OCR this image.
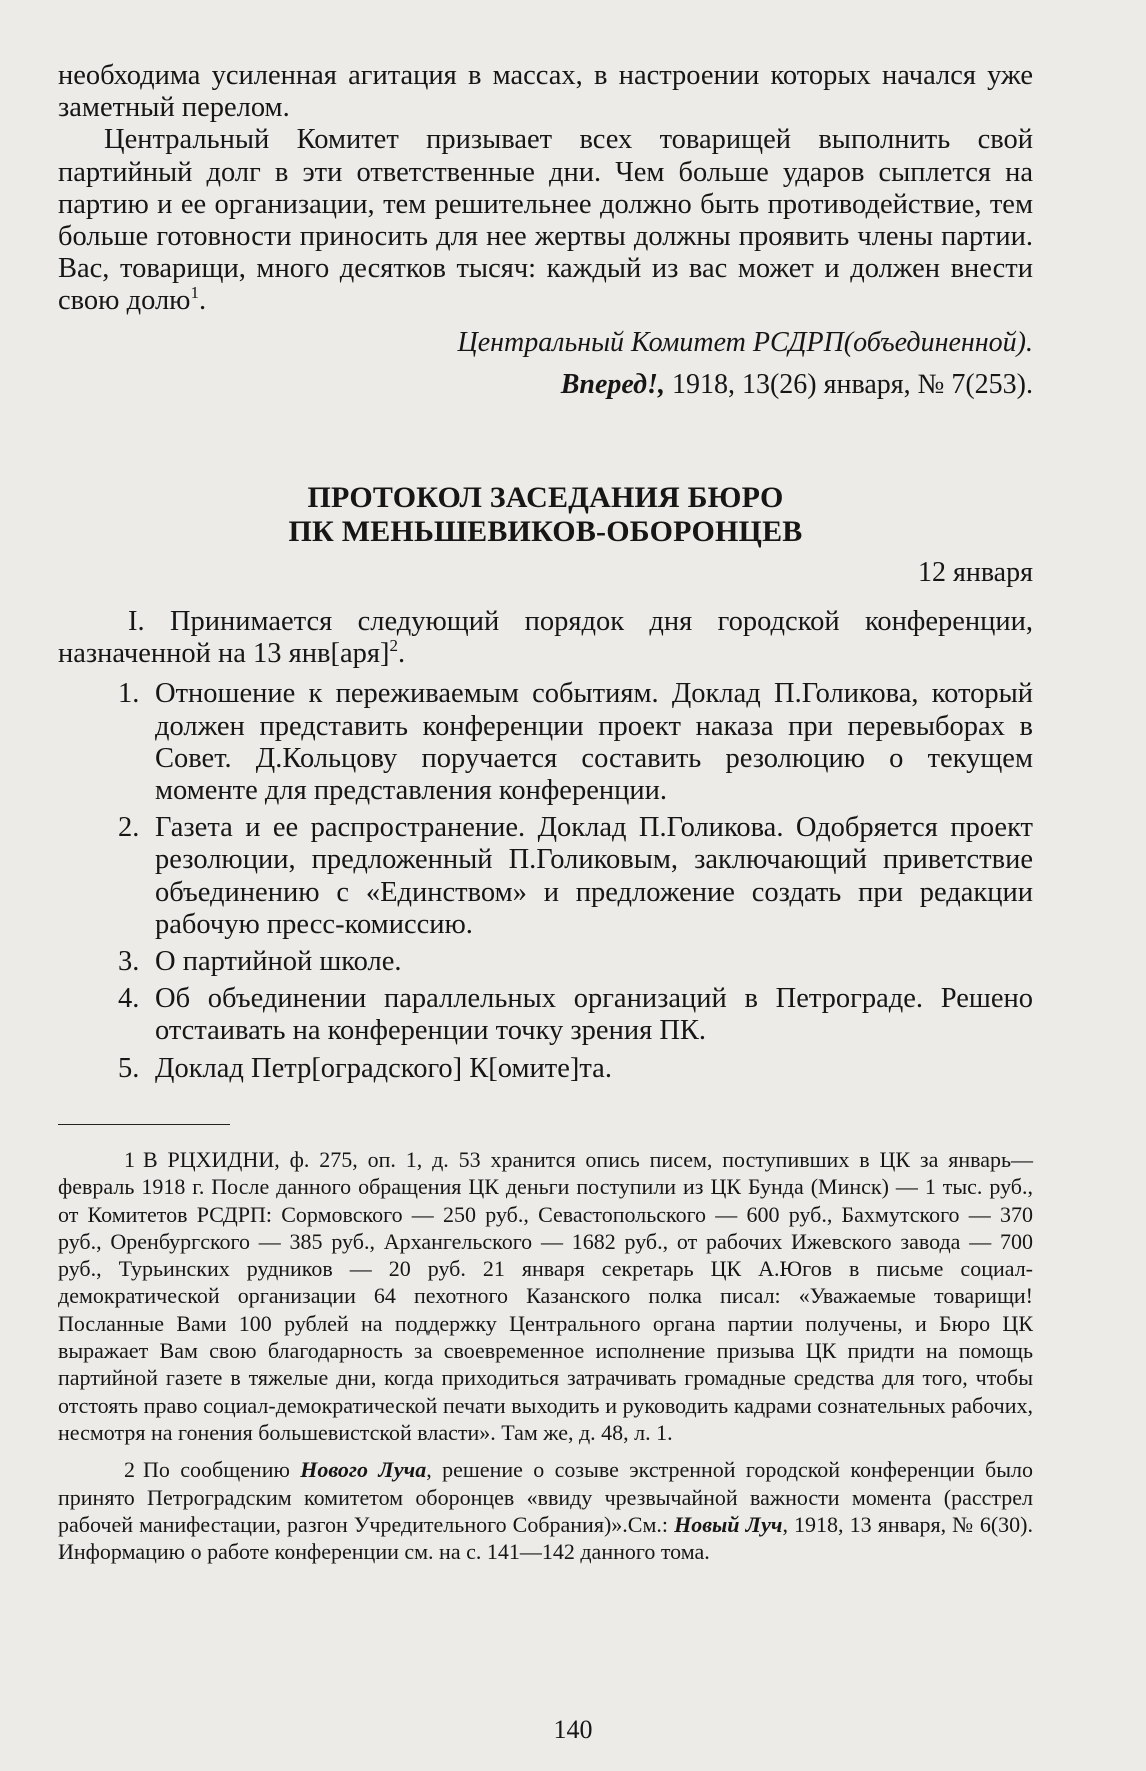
необходима усиленная агитация в массах, в настроении которых начался уже заметный перелом.

Центральный Комитет призывает всех товарищей выполнить свой партийный долг в эти ответственные дни. Чем больше ударов сыплется на партию и ее организации, тем решительнее должно быть противодействие, тем больше готовности приносить для нее жертвы должны проявить члены партии. Вас, товарищи, много десятков тысяч: каждый из вас может и должен внести свою долю$^1$.

Центральный Комитет РСДРП(объединенной).

Вперед!, 1918, 13(26) января, № 7(253).

ПРОТОКОЛ ЗАСЕДАНИЯ БЮРО
ПК МЕНЬШЕВИКОВ-ОБОРОНЦЕВ

12 января

I. Принимается следующий порядок дня городской конференции, назначенной на 13 янв[аря]$^2$.

1. Отношение к переживаемым событиям. Доклад П.Голикова, который должен представить конференции проект наказа при перевыборах в Совет. Д.Кольцову поручается составить резолюцию о текущем моменте для представления конференции.
2. Газета и ее распространение. Доклад П.Голикова. Одобряется проект резолюции, предложенный П.Голиковым, заключающий приветствие объединению с «Единством» и предложение создать при редакции рабочую пресс-комиссию.
3. О партийной школе.
4. Об объединении параллельных организаций в Петрограде. Решено отстаивать на конференции точку зрения ПК.
5. Доклад Петр[оградского] К[омите]та.

1 В РЦХИДНИ, ф. 275, оп. 1, д. 53 хранится опись писем, поступивших в ЦК за январь—февраль 1918 г. После данного обращения ЦК деньги поступили из ЦК Бунда (Минск) — 1 тыс. руб., от Комитетов РСДРП: Сормовского — 250 руб., Севастопольского — 600 руб., Бахмутского — 370 руб., Оренбургского — 385 руб., Архангельского — 1682 руб., от рабочих Ижевского завода — 700 руб., Турьинских рудников — 20 руб. 21 января секретарь ЦК А.Югов в письме социал-демократической организации 64 пехотного Казанского полка писал: «Уважаемые товарищи! Посланные Вами 100 рублей на поддержку Центрального органа партии получены, и Бюро ЦК выражает Вам свою благодарность за своевременное исполнение призыва ЦК придти на помощь партийной газете в тяжелые дни, когда приходиться затрачивать громадные средства для того, чтобы отстоять право социал-демократической печати выходить и руководить кадрами сознательных рабочих, несмотря на гонения большевистской власти». Там же, д. 48, л. 1.

2 По сообщению Нового Луча, решение о созыве экстренной городской конференции было принято Петроградским комитетом оборонцев «ввиду чрезвычайной важности момента (расстрел рабочей манифестации, разгон Учредительного Собрания)».См.: Новый Луч, 1918, 13 января, № 6(30). Информацию о работе конференции см. на с. 141—142 данного тома.

140
